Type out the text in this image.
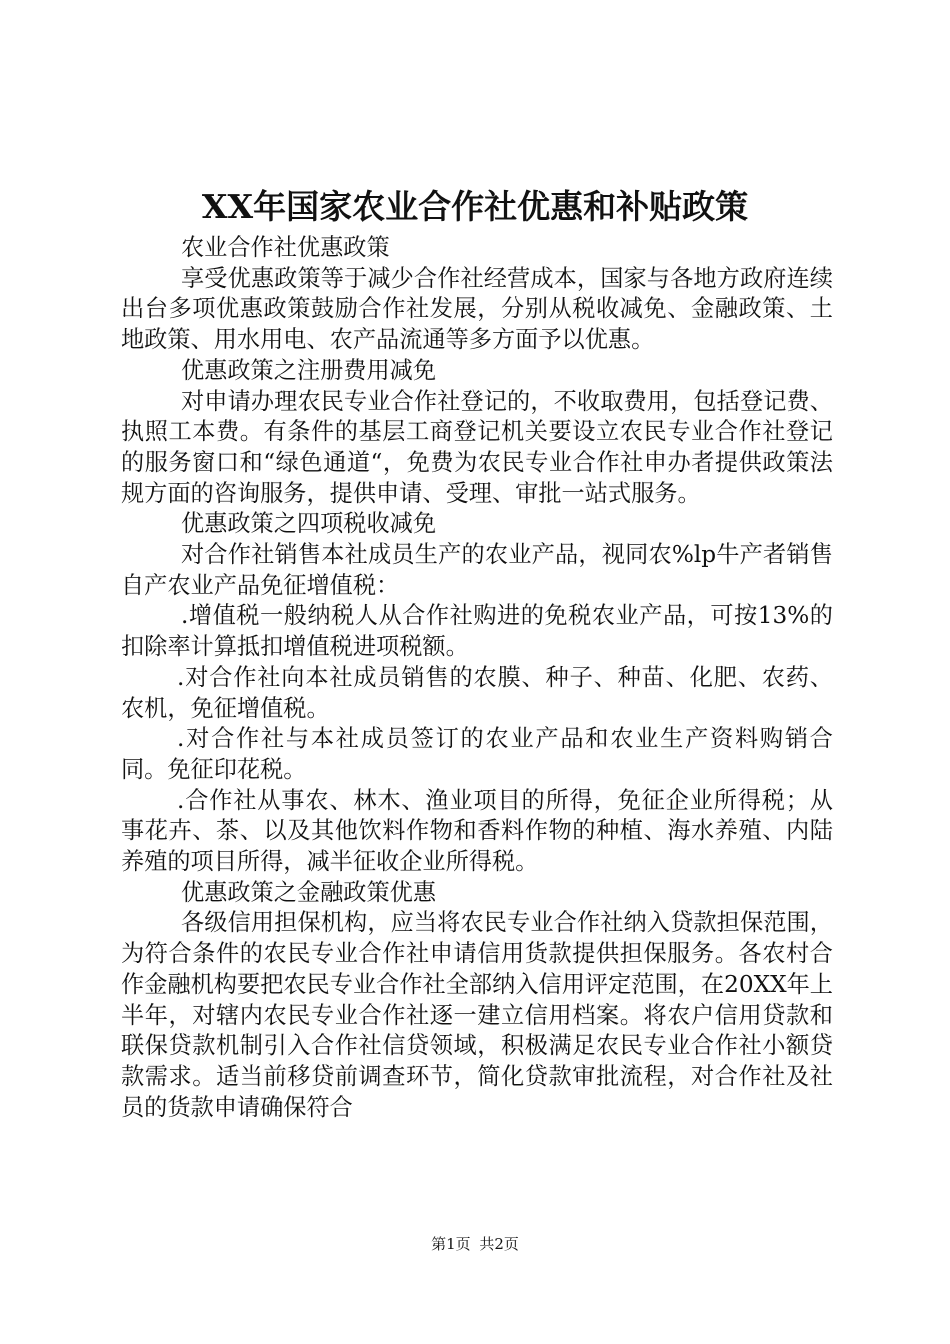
XX年国家农业合作社优惠和补贴政策

农业合作社优惠政策

享受优惠政策等于减少合作社经营成本，国家与各地方政府连续出台多项优惠政策鼓励合作社发展，分别从税收减免、金融政策、土地政策、用水用电、农产品流通等多方面予以优惠。

优惠政策之注册费用减免

对申请办理农民专业合作社登记的，不收取费用，包括登记费、执照工本费。有条件的基层工商登记机关要设立农民专业合作社登记的服务窗口和“绿色通道“，免费为农民专业合作社申办者提供政策法规方面的咨询服务，提供申请、受理、审批一站式服务。

优惠政策之四项税收减免

对合作社销售本社成员生产的农业产品，视同农%lp牛产者销售自产农业产品免征增值税：

.增值税一般纳税人从合作社购进的免税农业产品，可按13%的扣除率计算抵扣增值税进项税额。

.对合作社向本社成员销售的农膜、种子、种苗、化肥、农药、农机，免征增值税。

.对合作社与本社成员签订的农业产品和农业生产资料购销合同。免征印花税。

.合作社从事农、林木、渔业项目的所得，免征企业所得税；从事花卉、茶、以及其他饮料作物和香料作物的种植、海水养殖、内陆养殖的项目所得，减半征收企业所得税。

优惠政策之金融政策优惠

各级信用担保机构，应当将农民专业合作社纳入贷款担保范围，为符合条件的农民专业合作社申请信用货款提供担保服务。各农村合作金融机构要把农民专业合作社全部纳入信用评定范围，在20XX年上半年，对辖内农民专业合作社逐一建立信用档案。将农户信用贷款和联保贷款机制引入合作社信贷领域，积极满足农民专业合作社小额贷款需求。适当前移贷前调查环节，简化贷款审批流程，对合作社及社员的货款申请确保符合

第1页 共2页
